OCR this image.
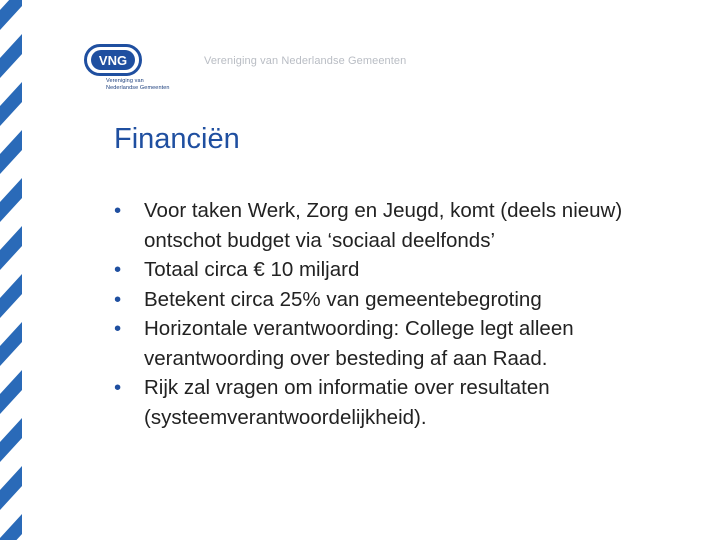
VNG
Vereniging van
Nederlandse Gemeenten
Vereniging van Nederlandse Gemeenten
Financiën
• Voor taken Werk, Zorg en Jeugd, komt (deels nieuw) ontschot budget via ‘sociaal deelfonds’
• Totaal circa € 10 miljard
• Betekent circa 25% van gemeentebegroting
• Horizontale verantwoording: College legt alleen verantwoording over besteding af aan Raad.
• Rijk zal vragen om informatie over resultaten (systeemverantwoordelijkheid).
